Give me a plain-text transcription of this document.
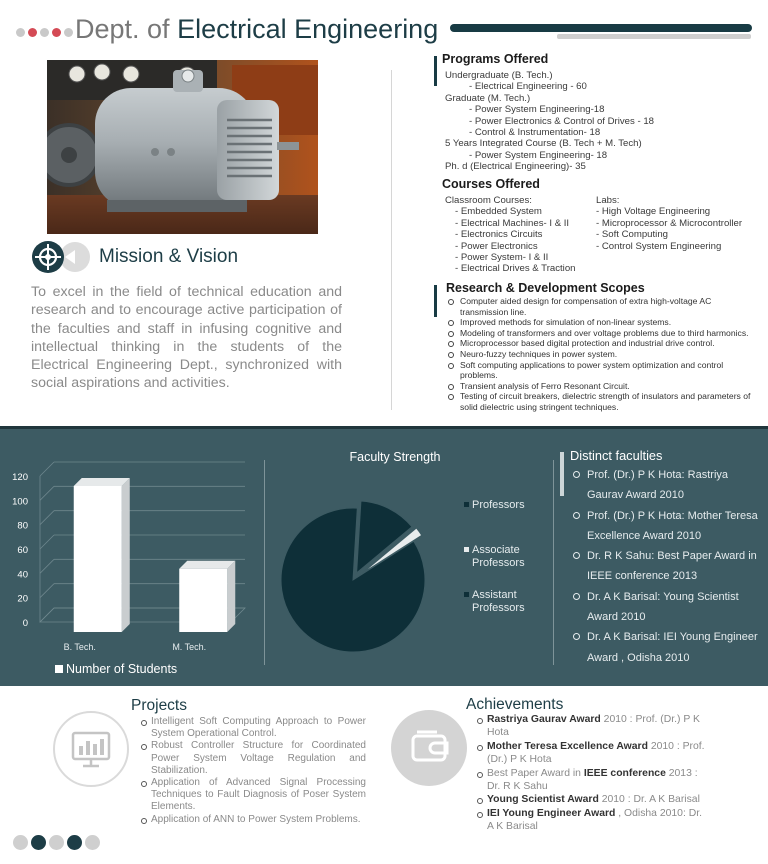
Dept. of Electrical Engineering
Mission & Vision
To excel in the field of technical education and research and to encourage active participation of the faculties and staff in infusing cognitive and intellectual thinking in the students of the Electrical Engineering Dept., synchronized with social aspirations and activities.
Programs Offered
Undergraduate (B. Tech.)
- Electrical Engineering - 60
Graduate (M. Tech.)
- Power System Engineering-18
- Power Electronics & Control of Drives - 18
- Control & Instrumentation- 18
5 Years Integrated Course (B. Tech + M. Tech)
- Power System Engineering- 18
Ph. d (Electrical Engineering)- 35
Courses Offered
Classroom Courses:
- Embedded System
- Electrical Machines- I & II
- Electronics Circuits
- Power Electronics
- Power System- I & II
- Electrical Drives & Traction
Labs:
- High Voltage Engineering
- Microprocessor & Microcontroller
- Soft Computing
- Control System Engineering
Research & Development Scopes
Computer aided design for compensation of extra high-voltage AC transmission line.
Improved methods for simulation of non-linear systems.
Modeling of transformers and over voltage problems due to third harmonics.
Microprocessor based digital protection and industrial drive control.
Neuro-fuzzy techniques in power system.
Soft computing applications to power system optimization and control problems.
Transient analysis of Ferro Resonant Circuit.
Testing of circuit breakers, dielectric strength of insulators and parameters of solid dielectric using stringent techniques.
0
20
40
60
80
100
120
B. Tech.	M. Tech.
Number of Students
Faculty Strength
Professors
Associate Professors
Assistant Professors
Distinct faculties
Prof. (Dr.) P K Hota: Rastriya Gaurav Award 2010
Prof. (Dr.) P K Hota: Mother Teresa Excellence Award 2010
Dr. R K Sahu: Best Paper Award in IEEE conference 2013
Dr. A K Barisal: Young Scientist Award 2010
Dr. A K Barisal: IEI Young Engineer Award , Odisha 2010
Projects
Intelligent Soft Computing Approach to Power System Operational Control.
Robust Controller Structure for Coordinated Power System Voltage Regulation and Stabilization.
Application of Advanced Signal Processing Techniques to Fault Diagnosis of Poser System Elements.
Application of ANN to Power System Problems.
Achievements
Rastriya Gaurav Award 2010 : Prof. (Dr.) P K Hota
Mother Teresa Excellence Award 2010 : Prof. (Dr.) P K Hota
Best Paper Award in IEEE conference 2013 : Dr. R K Sahu
Young Scientist Award 2010 : Dr. A K Barisal
IEI Young Engineer Award , Odisha 2010: Dr. A K Barisal
